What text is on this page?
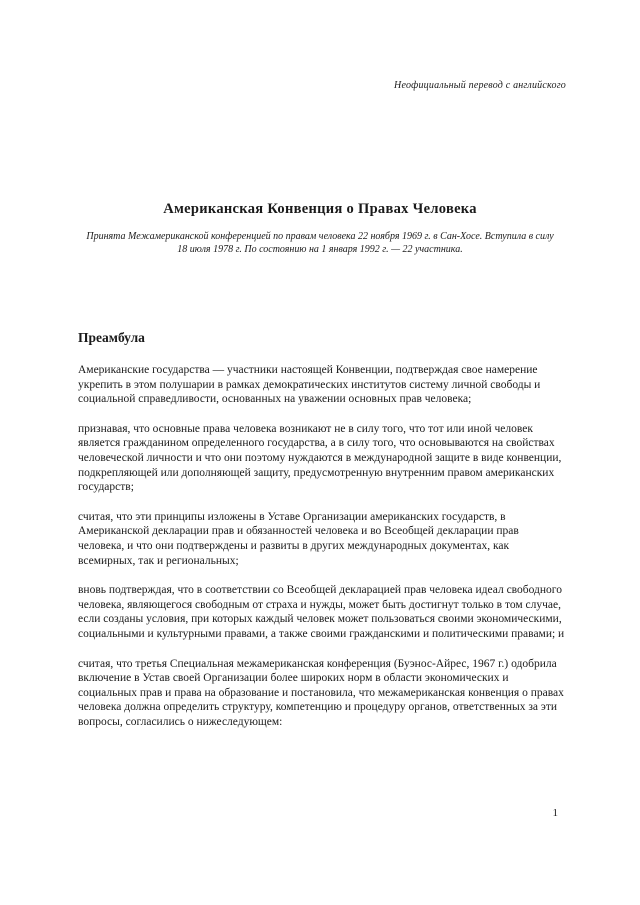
Неофициальный перевод с английского
Американская Конвенция о Правах Человека

Принята Межамериканской конференцией по правам человека 22 ноября 1969 г. в Сан-Хосе. Вступила в силу 18 июля 1978 г. По состоянию на 1 января 1992 г. — 22 участника.

Преамбула

Американские государства — участники настоящей Конвенции, подтверждая свое намерение укрепить в этом полушарии в рамках демократических институтов систему личной свободы и социальной справедливости, основанных на уважении основных прав человека;

признавая, что основные права человека возникают не в силу того, что тот или иной человек является гражданином определенного государства, а в силу того, что основываются на свойствах человеческой личности и что они поэтому нуждаются в международной защите в виде конвенции, подкрепляющей или дополняющей защиту, предусмотренную внутренним правом американских государств;

считая, что эти принципы изложены в Уставе Организации американских государств, в Американской декларации прав и обязанностей человека и во Всеобщей декларации прав человека, и что они подтверждены и развиты в других международных документах, как всемирных, так и региональных;

вновь подтверждая, что в соответствии со Всеобщей декларацией прав человека идеал свободного человека, являющегося свободным от страха и нужды, может быть достигнут только в том случае, если созданы условия, при которых каждый человек может пользоваться своими экономическими, социальными и культурными правами, а также своими гражданскими и политическими правами; и

считая, что третья Специальная межамериканская конференция (Буэнос-Айрес, 1967 г.) одобрила включение в Устав своей Организации более широких норм в области экономических и социальных прав и права на образование и постановила, что межамериканская конвенция о правах человека должна определить структуру, компетенцию и процедуру органов, ответственных за эти вопросы, согласились о нижеследующем:

1
